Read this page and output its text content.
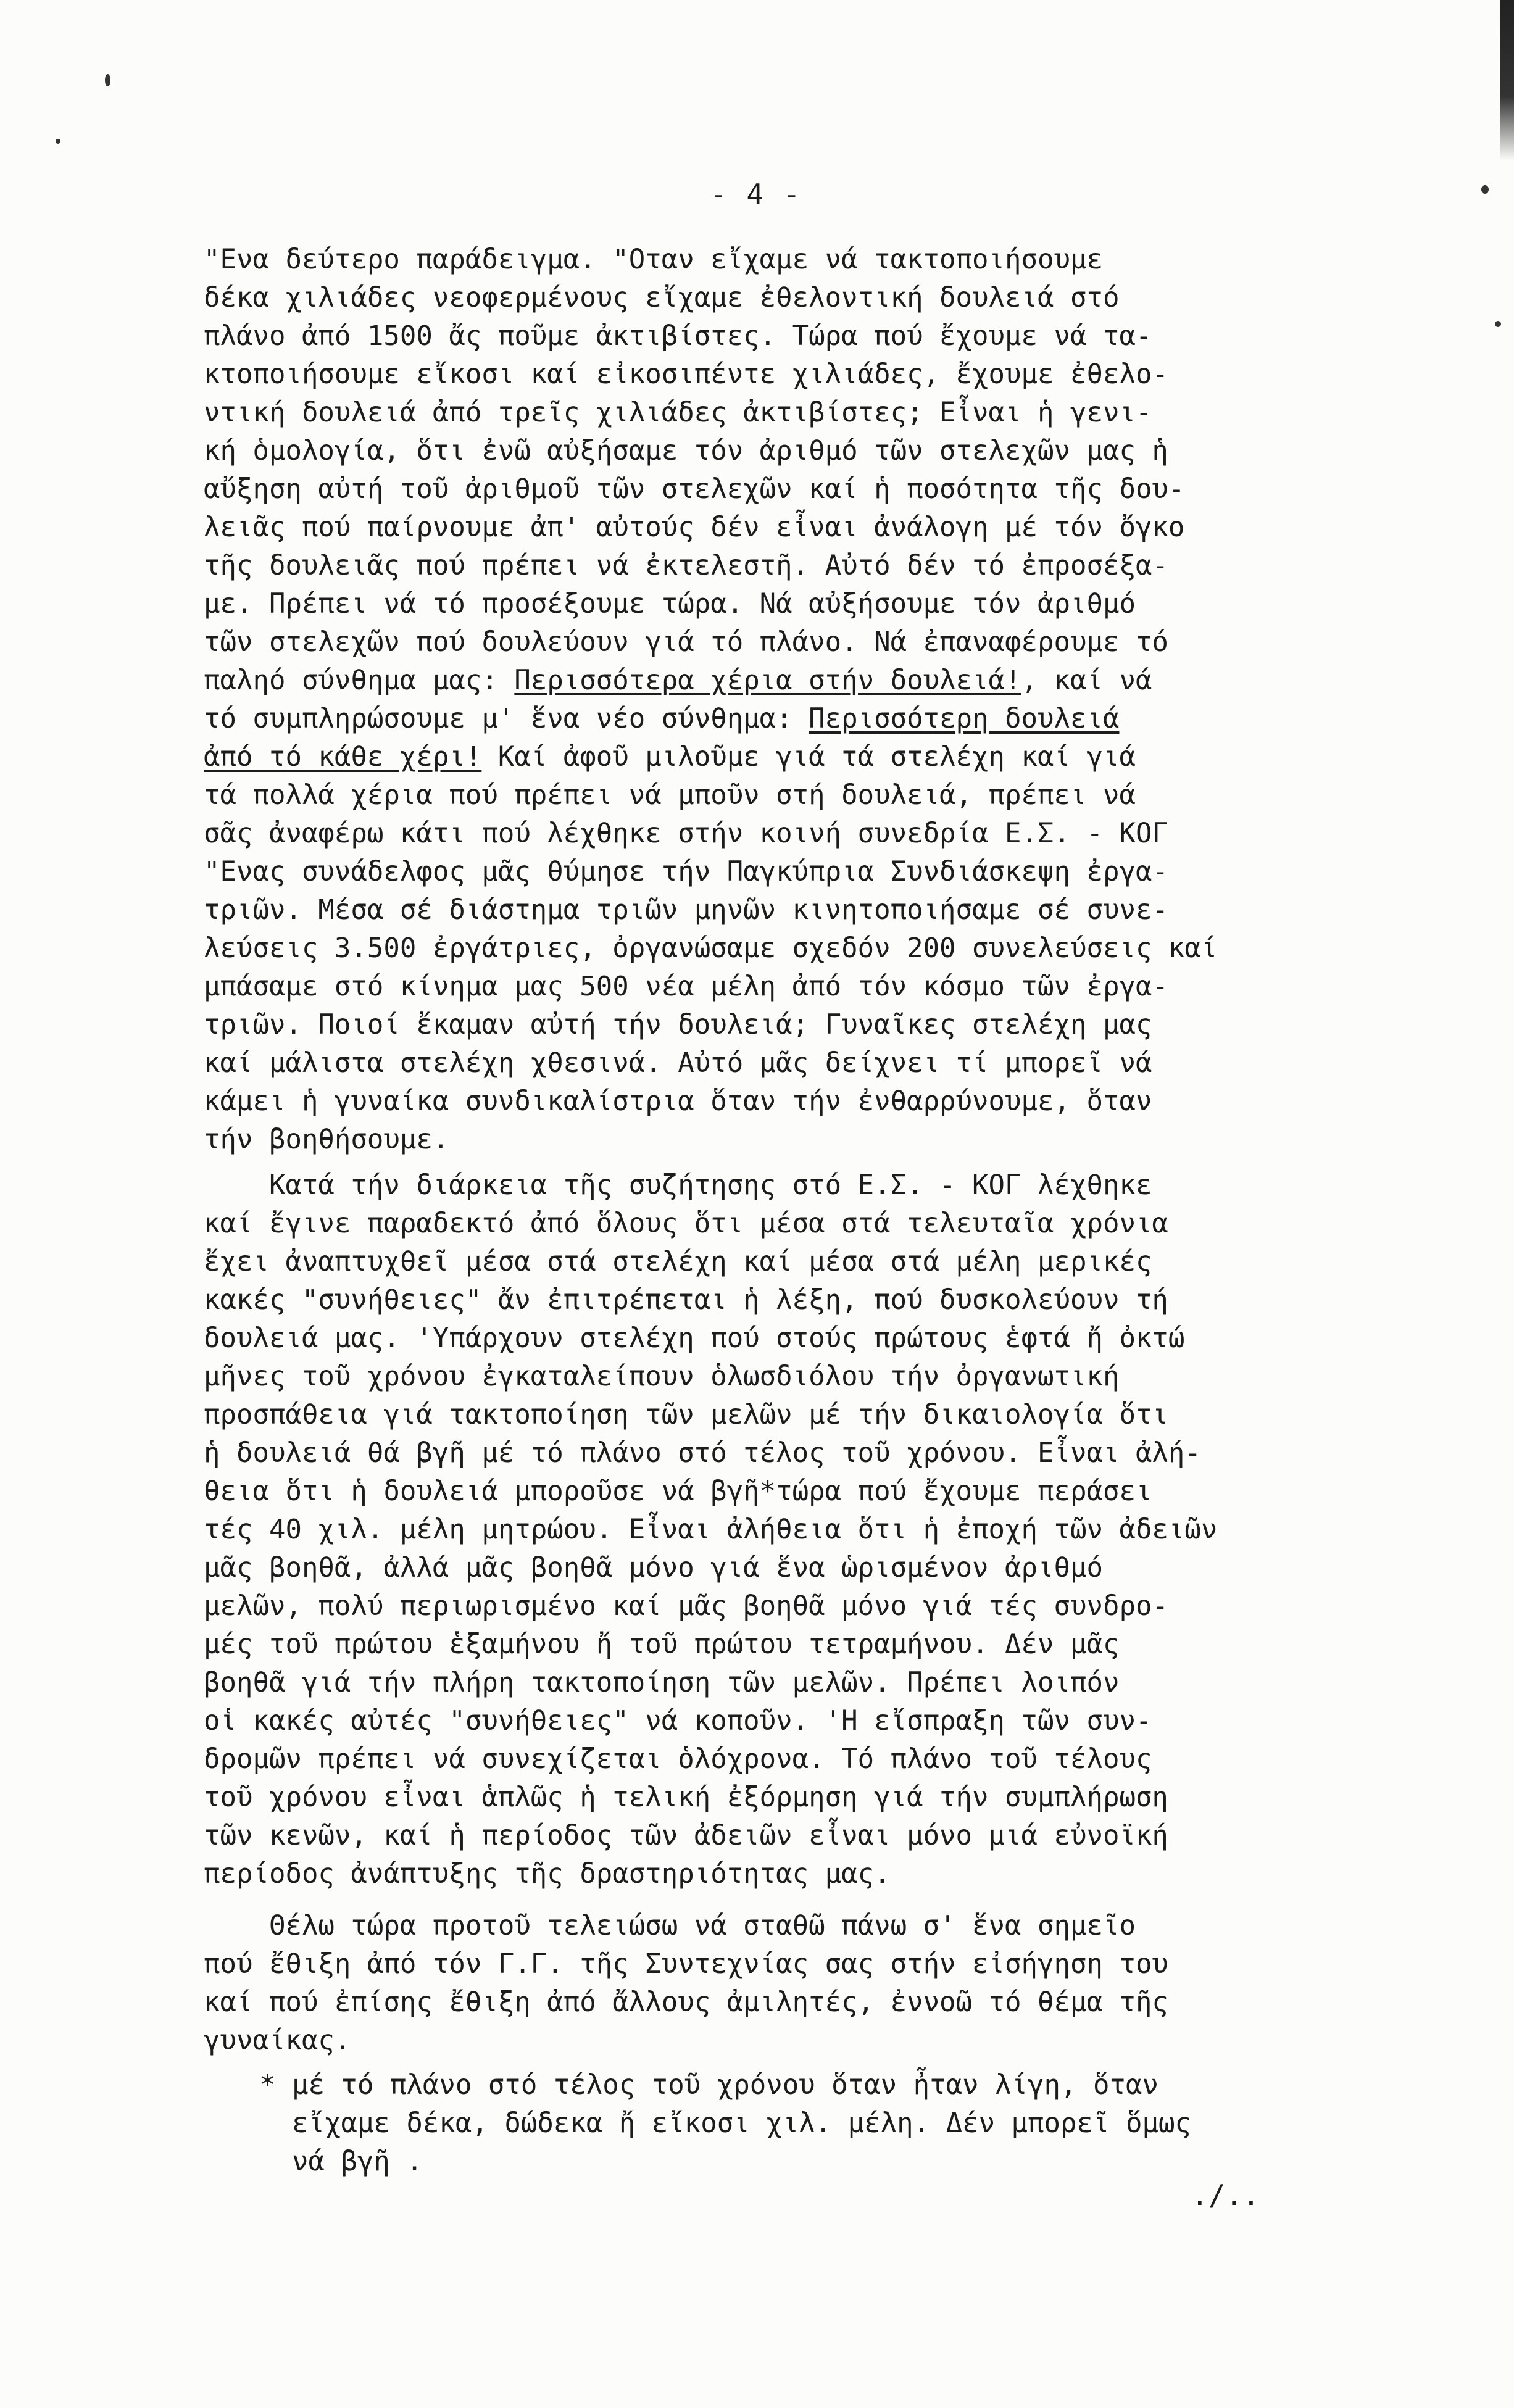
- 4 -
"Ενα δεύτερο παράδειγμα. "Οταν εἴχαμε νά τακτοποιήσουμε
δέκα χιλιάδες νεοφερμένους εἴχαμε ἐθελοντική δουλειά στό
πλάνο ἀπό 1500 ἄς ποῦμε ἀκτιβίστες. Τώρα πού ἔχουμε νά τα-
κτοποιήσουμε εἴκοσι καί εἰκοσιπέντε χιλιάδες, ἔχουμε ἐθελο-
ντική δουλειά ἀπό τρεῖς χιλιάδες ἀκτιβίστες; Εἶναι ἡ γενι-
κή ὁμολογία, ὅτι ἐνῶ αὐξήσαμε τόν ἀριθμό τῶν στελεχῶν μας ἡ
αὔξηση αὐτή τοῦ ἀριθμοῦ τῶν στελεχῶν καί ἡ ποσότητα τῆς δου-
λειᾶς πού παίρνουμε ἀπ' αὐτούς δέν εἶναι ἀνάλογη μέ τόν ὄγκο
τῆς δουλειᾶς πού πρέπει νά ἐκτελεστῆ. Αὐτό δέν τό ἐπροσέξα-
με. Πρέπει νά τό προσέξουμε τώρα. Νά αὐξήσουμε τόν ἀριθμό
τῶν στελεχῶν πού δουλεύουν γιά τό πλάνο. Νά ἐπαναφέρουμε τό
παληό σύνθημα μας: Περισσότερα χέρια στήν δουλειά!, καί νά
τό συμπληρώσουμε μ' ἕνα νέο σύνθημα: Περισσότερη δουλειά
ἀπό τό κάθε χέρι! Καί ἀφοῦ μιλοῦμε γιά τά στελέχη καί γιά
τά πολλά χέρια πού πρέπει νά μποῦν στή δουλειά, πρέπει νά
σᾶς ἀναφέρω κάτι πού λέχθηκε στήν κοινή συνεδρία Ε.Σ. - ΚΟΓ
"Ενας συνάδελφος μᾶς θύμησε τήν Παγκύπρια Συνδιάσκεψη ἐργα-
τριῶν. Μέσα σέ διάστημα τριῶν μηνῶν κινητοποιήσαμε σέ συνε-
λεύσεις 3.500 ἐργάτριες, ὀργανώσαμε σχεδόν 200 συνελεύσεις καί
μπάσαμε στό κίνημα μας 500 νέα μέλη ἀπό τόν κόσμο τῶν ἐργα-
τριῶν. Ποιοί ἔκαμαν αὐτή τήν δουλειά; Γυναῖκες στελέχη μας
καί μάλιστα στελέχη χθεσινά. Αὐτό μᾶς δείχνει τί μπορεῖ νά
κάμει ἡ γυναίκα συνδικαλίστρια ὅταν τήν ἐνθαρρύνουμε, ὅταν
τήν βοηθήσουμε.
Κατά τήν διάρκεια τῆς συζήτησης στό Ε.Σ. - ΚΟΓ λέχθηκε
καί ἔγινε παραδεκτό ἀπό ὅλους ὅτι μέσα στά τελευταῖα χρόνια
ἔχει ἀναπτυχθεῖ μέσα στά στελέχη καί μέσα στά μέλη μερικές
κακές "συνήθειες" ἄν ἐπιτρέπεται ἡ λέξη, πού δυσκολεύουν τή
δουλειά μας. 'Υπάρχουν στελέχη πού στούς πρώτους ἑφτά ἤ ὀκτώ
μῆνες τοῦ χρόνου ἐγκαταλείπουν ὁλωσδιόλου τήν ὀργανωτική
προσπάθεια γιά τακτοποίηση τῶν μελῶν μέ τήν δικαιολογία ὅτι
ἡ δουλειά θά βγῆ μέ τό πλάνο στό τέλος τοῦ χρόνου. Εἶναι ἀλή-
θεια ὅτι ἡ δουλειά μποροῦσε νά βγῆ*τώρα πού ἔχουμε περάσει
τές 40 χιλ. μέλη μητρώου. Εἶναι ἀλήθεια ὅτι ἡ ἐποχή τῶν ἀδειῶν
μᾶς βοηθᾶ, ἀλλά μᾶς βοηθᾶ μόνο γιά ἕνα ὡρισμένον ἀριθμό
μελῶν, πολύ περιωρισμένο καί μᾶς βοηθᾶ μόνο γιά τές συνδρο-
μές τοῦ πρώτου ἑξαμήνου ἤ τοῦ πρώτου τετραμήνου. Δέν μᾶς
βοηθᾶ γιά τήν πλήρη τακτοποίηση τῶν μελῶν. Πρέπει λοιπόν
οἱ κακές αὐτές "συνήθειες" νά κοποῦν. 'Η εἴσπραξη τῶν συν-
δρομῶν πρέπει νά συνεχίζεται ὁλόχρονα. Τό πλάνο τοῦ τέλους
τοῦ χρόνου εἶναι ἁπλῶς ἡ τελική ἐξόρμηση γιά τήν συμπλήρωση
τῶν κενῶν, καί ἡ περίοδος τῶν ἀδειῶν εἶναι μόνο μιά εὐνοϊκή
περίοδος ἀνάπτυξης τῆς δραστηριότητας μας.
Θέλω τώρα προτοῦ τελειώσω νά σταθῶ πάνω σ' ἕνα σημεῖο
πού ἔθιξη ἀπό τόν Γ.Γ. τῆς Συντεχνίας σας στήν εἰσήγηση του
καί πού ἐπίσης ἔθιξη ἀπό ἄλλους ἀμιλητές, ἐννοῶ τό θέμα τῆς
γυναίκας.
* μέ τό πλάνο στό τέλος τοῦ χρόνου ὅταν ἦταν λίγη, ὅταν
εἴχαμε δέκα, δώδεκα ἤ εἴκοσι χιλ. μέλη. Δέν μπορεῖ ὅμως
νά βγῆ .
./..
